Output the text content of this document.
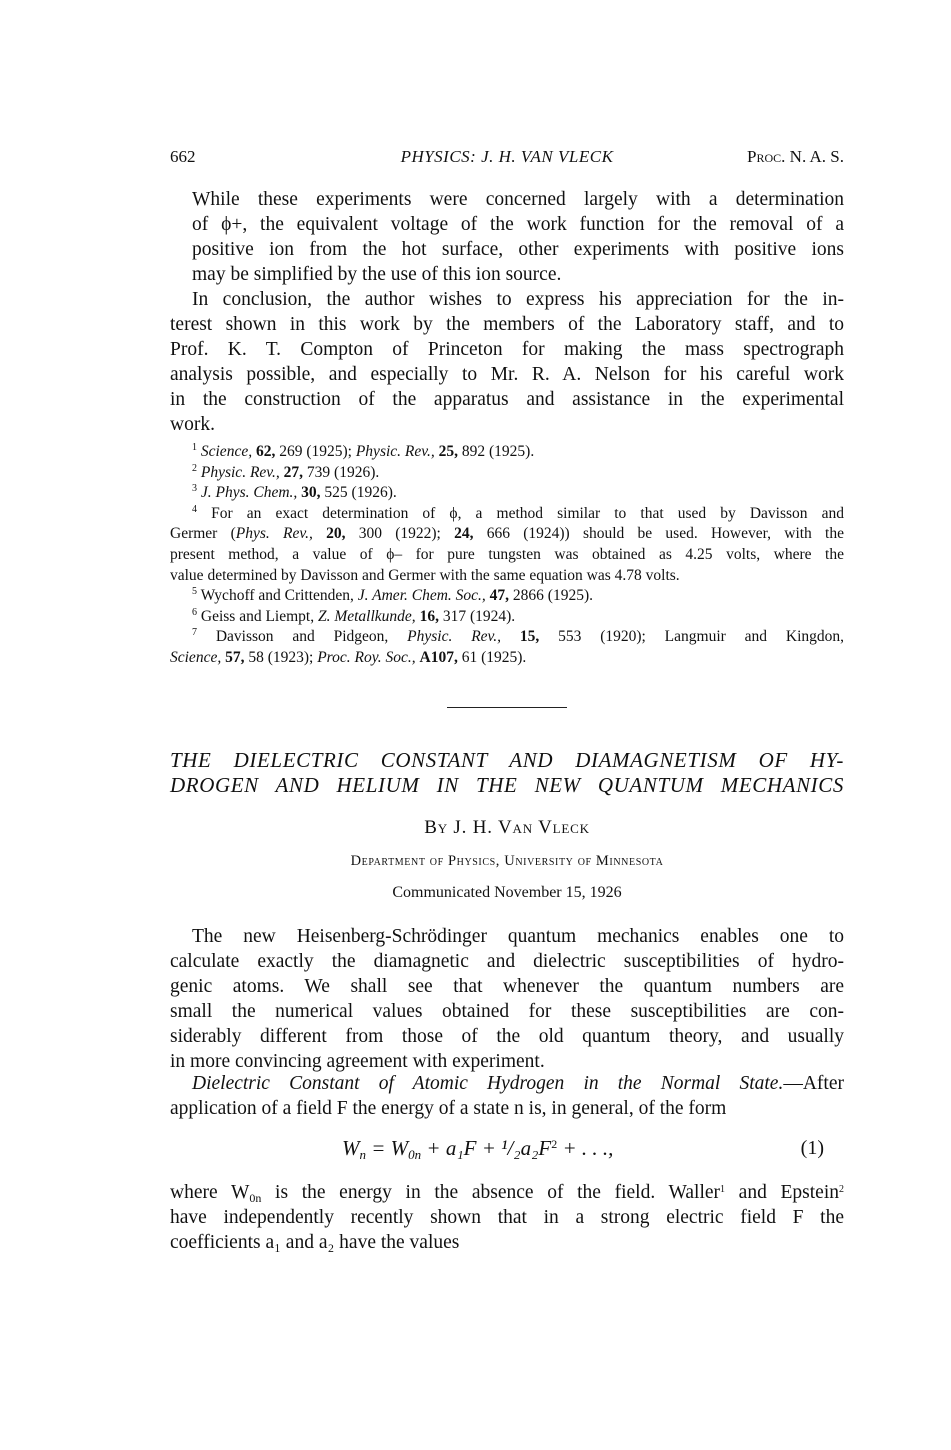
662	PHYSICS: J. H. VAN VLECK	Proc. N. A. S.
While these experiments were concerned largely with a determination
of ϕ+, the equivalent voltage of the work function for the removal of a
positive ion from the hot surface, other experiments with positive ions
may be simplified by the use of this ion source.
In conclusion, the author wishes to express his appreciation for the in-
terest shown in this work by the members of the Laboratory staff, and to
Prof. K. T. Compton of Princeton for making the mass spectrograph
analysis possible, and especially to Mr. R. A. Nelson for his careful work
in the construction of the apparatus and assistance in the experimental
work.
$^1$ Science, 62, 269 (1925); Physic. Rev., 25, 892 (1925).
$^2$ Physic. Rev., 27, 739 (1926).
$^3$ J. Phys. Chem., 30, 525 (1926).
$^4$ For an exact determination of ϕ, a method similar to that used by Davisson and
Germer (Phys. Rev., 20, 300 (1922); 24, 666 (1924)) should be used. However, with the
present method, a value of ϕ– for pure tungsten was obtained as 4.25 volts, where the
value determined by Davisson and Germer with the same equation was 4.78 volts.
$^5$ Wychoff and Crittenden, J. Amer. Chem. Soc., 47, 2866 (1925).
$^6$ Geiss and Liempt, Z. Metallkunde, 16, 317 (1924).
$^7$ Davisson and Pidgeon, Physic. Rev., 15, 553 (1920); Langmuir and Kingdon,
Science, 57, 58 (1923); Proc. Roy. Soc., A107, 61 (1925).
THE DIELECTRIC CONSTANT AND DIAMAGNETISM OF HY-
DROGEN AND HELIUM IN THE NEW QUANTUM MECHANICS
By J. H. Van Vleck
Department of Physics, University of Minnesota
Communicated November 15, 1926
The new Heisenberg-Schrödinger quantum mechanics enables one to
calculate exactly the diamagnetic and dielectric susceptibilities of hydro-
genic atoms. We shall see that whenever the quantum numbers are
small the numerical values obtained for these susceptibilities are con-
siderably different from those of the old quantum theory, and usually
in more convincing agreement with experiment.
Dielectric Constant of Atomic Hydrogen in the Normal State.—After
application of a field F the energy of a state n is, in general, of the form
$W_n = W_{0n} + a_1F + ^1/_2a_2F^2$ + . . .,	(1)
where $W_{0n}$ is the energy in the absence of the field. Waller$^1$ and Epstein$^2$
have independently recently shown that in a strong electric field F the
coefficients a₁ and a₂ have the values
